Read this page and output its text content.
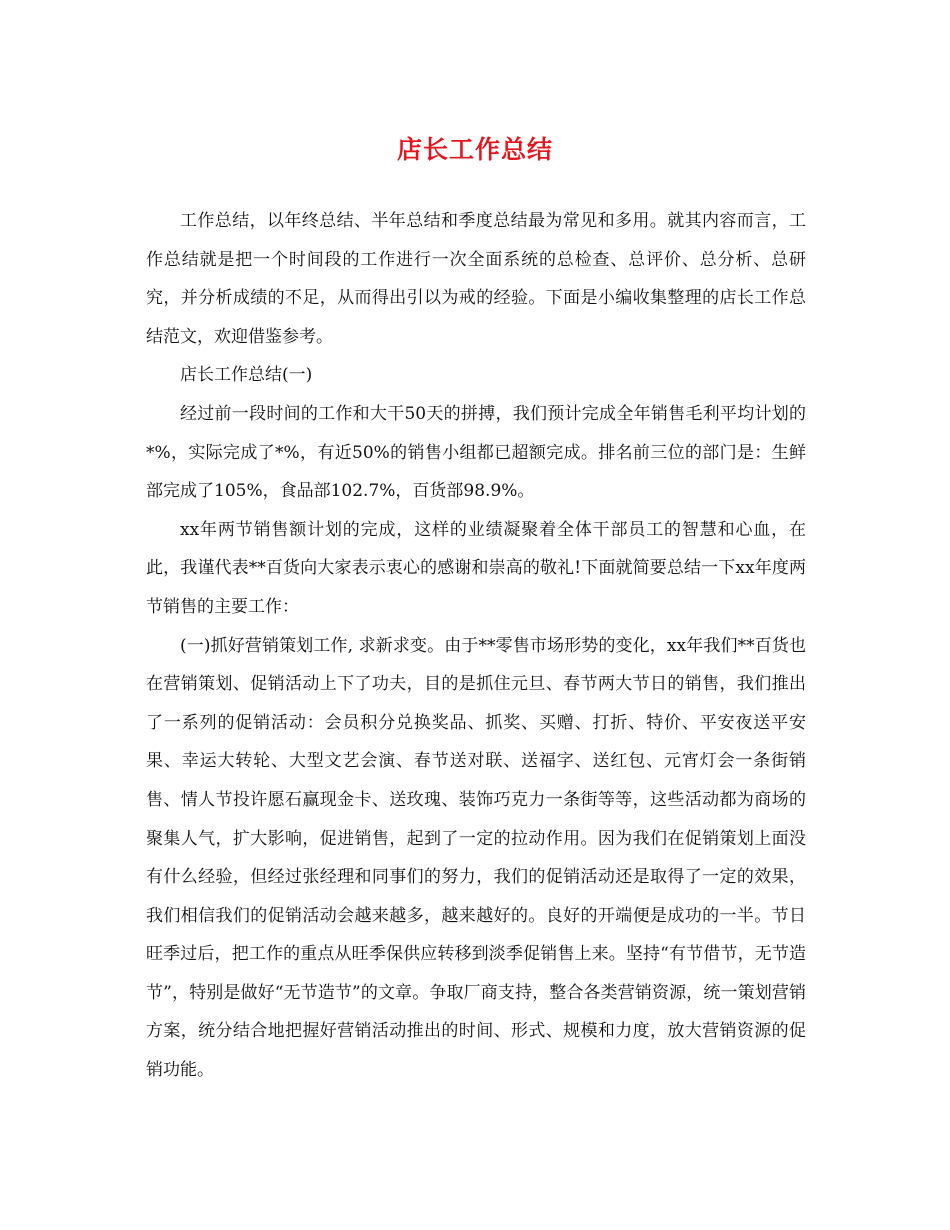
店长工作总结

工作总结，以年终总结、半年总结和季度总结最为常见和多用。就其内容而言，工作总结就是把一个时间段的工作进行一次全面系统的总检查、总评价、总分析、总研究，并分析成绩的不足，从而得出引以为戒的经验。下面是小编收集整理的店长工作总结范文，欢迎借鉴参考。

店长工作总结(一)

经过前一段时间的工作和大干50天的拼搏，我们预计完成全年销售毛利平均计划的*%，实际完成了*%，有近50%的销售小组都已超额完成。排名前三位的部门是：生鲜部完成了105%，食品部102.7%，百货部98.9%。

xx年两节销售额计划的完成，这样的业绩凝聚着全体干部员工的智慧和心血，在此，我谨代表**百货向大家表示衷心的感谢和崇高的敬礼!下面就简要总结一下xx年度两节销售的主要工作：

(一)抓好营销策划工作, 求新求变。由于**零售市场形势的变化，xx年我们**百货也在营销策划、促销活动上下了功夫，目的是抓住元旦、春节两大节日的销售，我们推出了一系列的促销活动：会员积分兑换奖品、抓奖、买赠、打折、特价、平安夜送平安果、幸运大转轮、大型文艺会演、春节送对联、送福字、送红包、元宵灯会一条街销售、情人节投许愿石赢现金卡、送玫瑰、装饰巧克力一条街等等，这些活动都为商场的聚集人气，扩大影响，促进销售，起到了一定的拉动作用。因为我们在促销策划上面没有什么经验，但经过张经理和同事们的努力，我们的促销活动还是取得了一定的效果，我们相信我们的促销活动会越来越多，越来越好的。良好的开端便是成功的一半。节日旺季过后，把工作的重点从旺季保供应转移到淡季促销售上来。坚持“有节借节，无节造节”，特别是做好“无节造节”的文章。争取厂商支持，整合各类营销资源，统一策划营销方案，统分结合地把握好营销活动推出的时间、形式、规模和力度，放大营销资源的促销功能。
